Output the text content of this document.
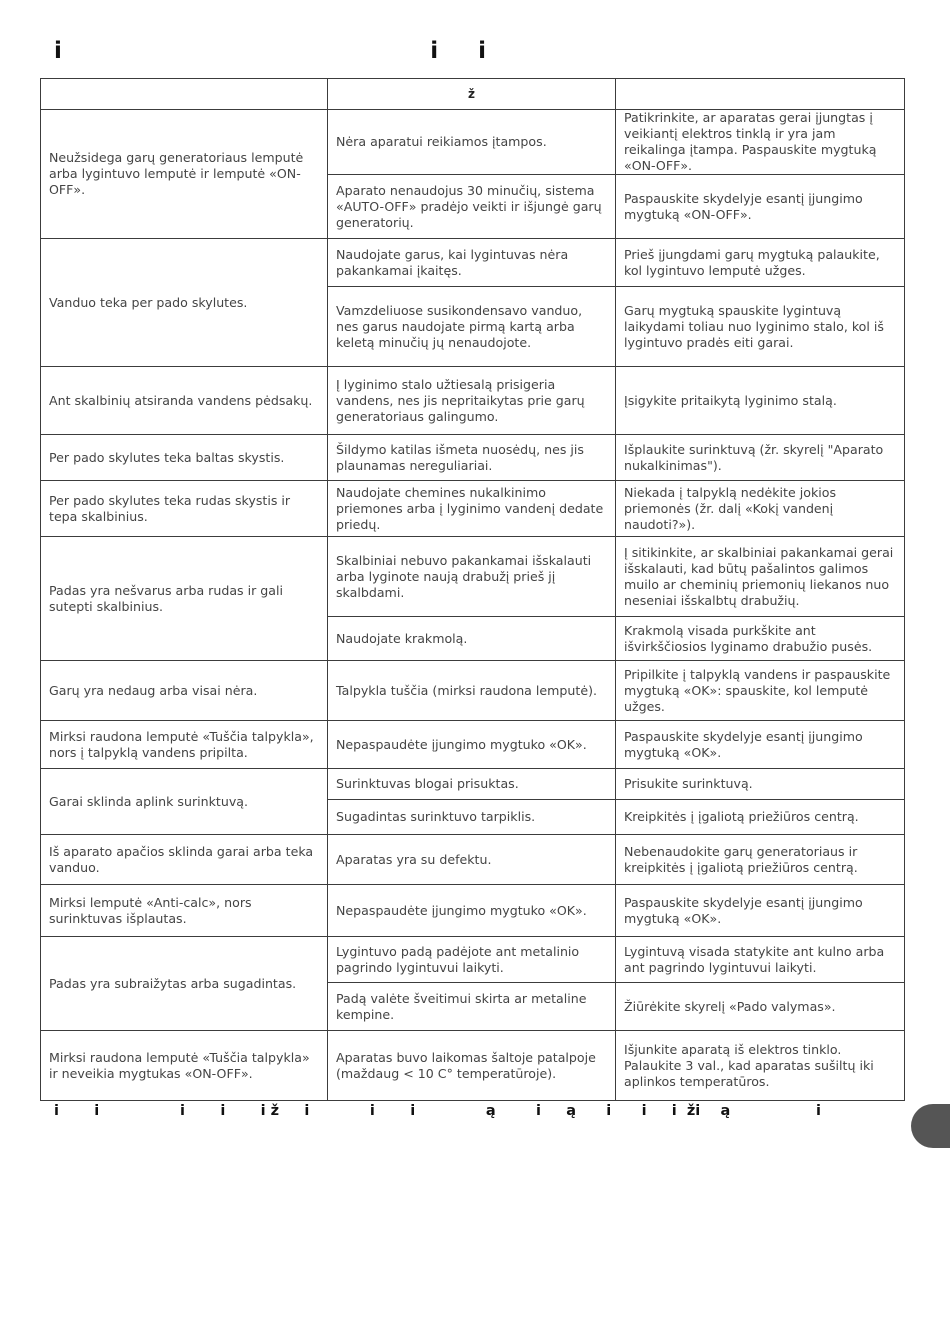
i                                              i     i
	ž	
Neužsidega garų generatoriaus lemputė arba lygintuvo lemputė ir lemputė «ON-OFF».	Nėra aparatui reikiamos įtampos.	Patikrinkite, ar aparatas gerai įjungtas į veikiantį elektros tinklą ir yra jam reikalinga įtampa. Paspauskite mygtuką «ON-OFF».
	Aparato nenaudojus 30 minučių, sistema «AUTO-OFF» pradėjo veikti ir išjungė garų generatorių.	Paspauskite skydelyje esantį įjungimo mygtuką «ON-OFF».
Vanduo teka per pado skylutes.	Naudojate garus, kai lygintuvas nėra pakankamai įkaitęs.	Prieš įjungdami garų mygtuką palaukite, kol lygintuvo lemputė užges.
	Vamzdeliuose susikondensavo vanduo, nes garus naudojate pirmą kartą arba keletą minučių jų nenaudojote.	Garų mygtuką spauskite lygintuvą laikydami toliau nuo lyginimo stalo, kol iš lygintuvo pradės eiti garai.
Ant skalbinių atsiranda vandens pėdsakų.	Į lyginimo stalo užtiesalą prisigeria vandens, nes jis nepritaikytas prie garų generatoriaus galingumo.	Įsigykite pritaikytą lyginimo stalą.
Per pado skylutes teka baltas skystis.	Šildymo katilas išmeta nuosėdų, nes jis plaunamas nereguliariai.	Išplaukite surinktuvą (žr. skyrelį "Aparato nukalkinimas").
Per pado skylutes teka rudas skystis ir tepa skalbinius.	Naudojate chemines nukalkinimo priemones arba į lyginimo vandenį dedate priedų.	Niekada į talpyklą nedėkite jokios priemonės (žr. dalį «Kokį vandenį naudoti?»).
Padas yra nešvarus arba rudas ir gali sutepti skalbinius.	Skalbiniai nebuvo pakankamai išskalauti arba lyginote naują drabužį prieš jį skalbdami.	Į sitikinkite, ar skalbiniai pakankamai gerai išskalauti, kad būtų pašalintos galimos muilo ar cheminių priemonių liekanos nuo neseniai išskalbtų drabužių.
	Naudojate krakmolą.	Krakmolą visada purkškite ant išvirkščiosios lyginamo drabužio pusės.
Garų yra nedaug arba visai nėra.	Talpykla tuščia (mirksi raudona lemputė).	Pripilkite į talpyklą vandens ir paspauskite mygtuką «OK»: spauskite, kol lemputė užges.
Mirksi raudona lemputė «Tuščia talpykla», nors į talpyklą vandens pripilta.	Nepaspaudėte įjungimo mygtuko «OK».	Paspauskite skydelyje esantį įjungimo mygtuką «OK».
Garai sklinda aplink surinktuvą.	Surinktuvas blogai prisuktas.	Prisukite surinktuvą.
	Sugadintas surinktuvo tarpiklis.	Kreipkitės į įgaliotą priežiūros centrą.
Iš aparato apačios sklinda garai arba teka vanduo.	Aparatas yra su defektu.	Nebenaudokite garų generatoriaus ir kreipkitės į įgaliotą priežiūros centrą.
Mirksi lemputė «Anti-calc», nors surinktuvas išplautas.	Nepaspaudėte įjungimo mygtuko «OK».	Paspauskite skydelyje esantį įjungimo mygtuką «OK».
Padas yra subraižytas arba sugadintas.	Lygintuvo padą padėjote ant metalinio pagrindo lygintuvui laikyti.	Lygintuvą visada statykite ant kulno arba ant pagrindo lygintuvui laikyti.
	Padą valėte šveitimui skirta ar metaline kempine.	Žiūrėkite skyrelį «Pado valymas».
Mirksi raudona lemputė «Tuščia talpykla» ir neveikia mygtukas «ON-OFF».	Aparatas buvo laikomas šaltoje patalpoje (maždaug < 10 C° temperatūroje).	Išjunkite aparatą iš elektros tinklo. Palaukite 3 val., kad aparatas sušiltų iki aplinkos temperatūros.
i       i                i       i       i ž     i            i       i              ą        i     ą      i      i     i  ži    ą                 i
